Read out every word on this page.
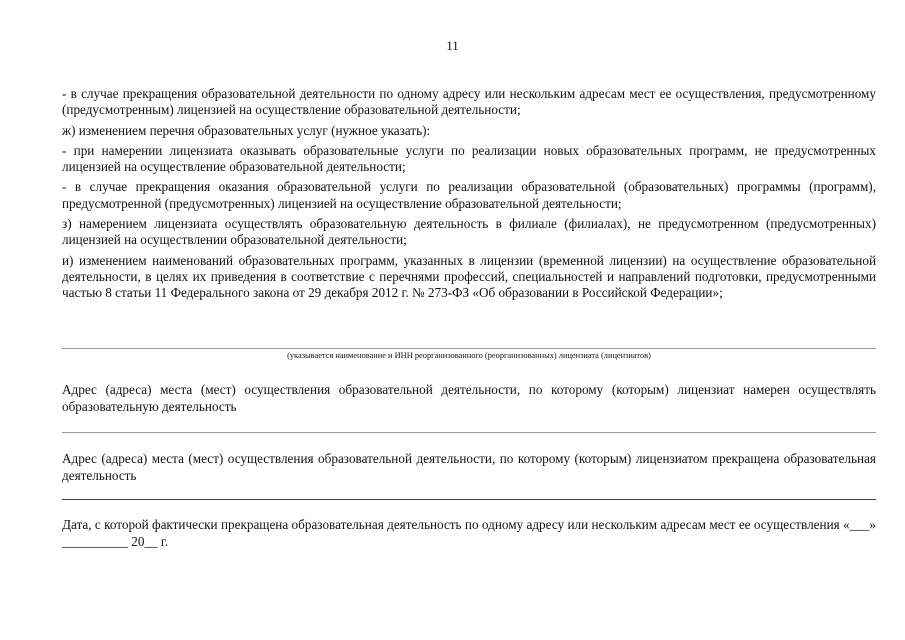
11

- в случае прекращения образовательной деятельности по одному адресу или нескольким адресам мест ее осуществления, предусмотренному (предусмотренным) лицензией на осуществление образовательной деятельности;

ж) изменением перечня образовательных услуг (нужное указать):

- при намерении лицензиата оказывать образовательные услуги по реализации новых образовательных программ, не предусмотренных лицензией на осуществление образовательной деятельности;

- в случае прекращения оказания образовательной услуги по реализации образовательной (образовательных) программы (программ), предусмотренной (предусмотренных) лицензией на осуществление образовательной деятельности;

з) намерением лицензиата осуществлять образовательную деятельность в филиале (филиалах), не предусмотренном (предусмотренных) лицензией на осуществлении образовательной деятельности;

и) изменением наименований образовательных программ, указанных в лицензии (временной лицензии) на осуществление образовательной деятельности, в целях их приведения в соответствие с перечнями профессий, специальностей и направлений подготовки, предусмотренными частью 8 статьи 11 Федерального закона от 29 декабря 2012 г. № 273-ФЗ «Об образовании в Российской Федерации»;

(указывается наименование и ИНН реорганизованного (реорганизованных) лицензиата (лицензиатов)

Адрес (адреса) места (мест) осуществления образовательной деятельности, по которому (которым) лицензиат намерен осуществлять образовательную деятельность

Адрес (адреса) места (мест) осуществления образовательной деятельности, по которому (которым) лицензиатом прекращена образовательная деятельность

Дата, с которой фактически прекращена образовательная деятельность по одному адресу или нескольким адресам мест ее осуществления «___» __________ 20__ г.
